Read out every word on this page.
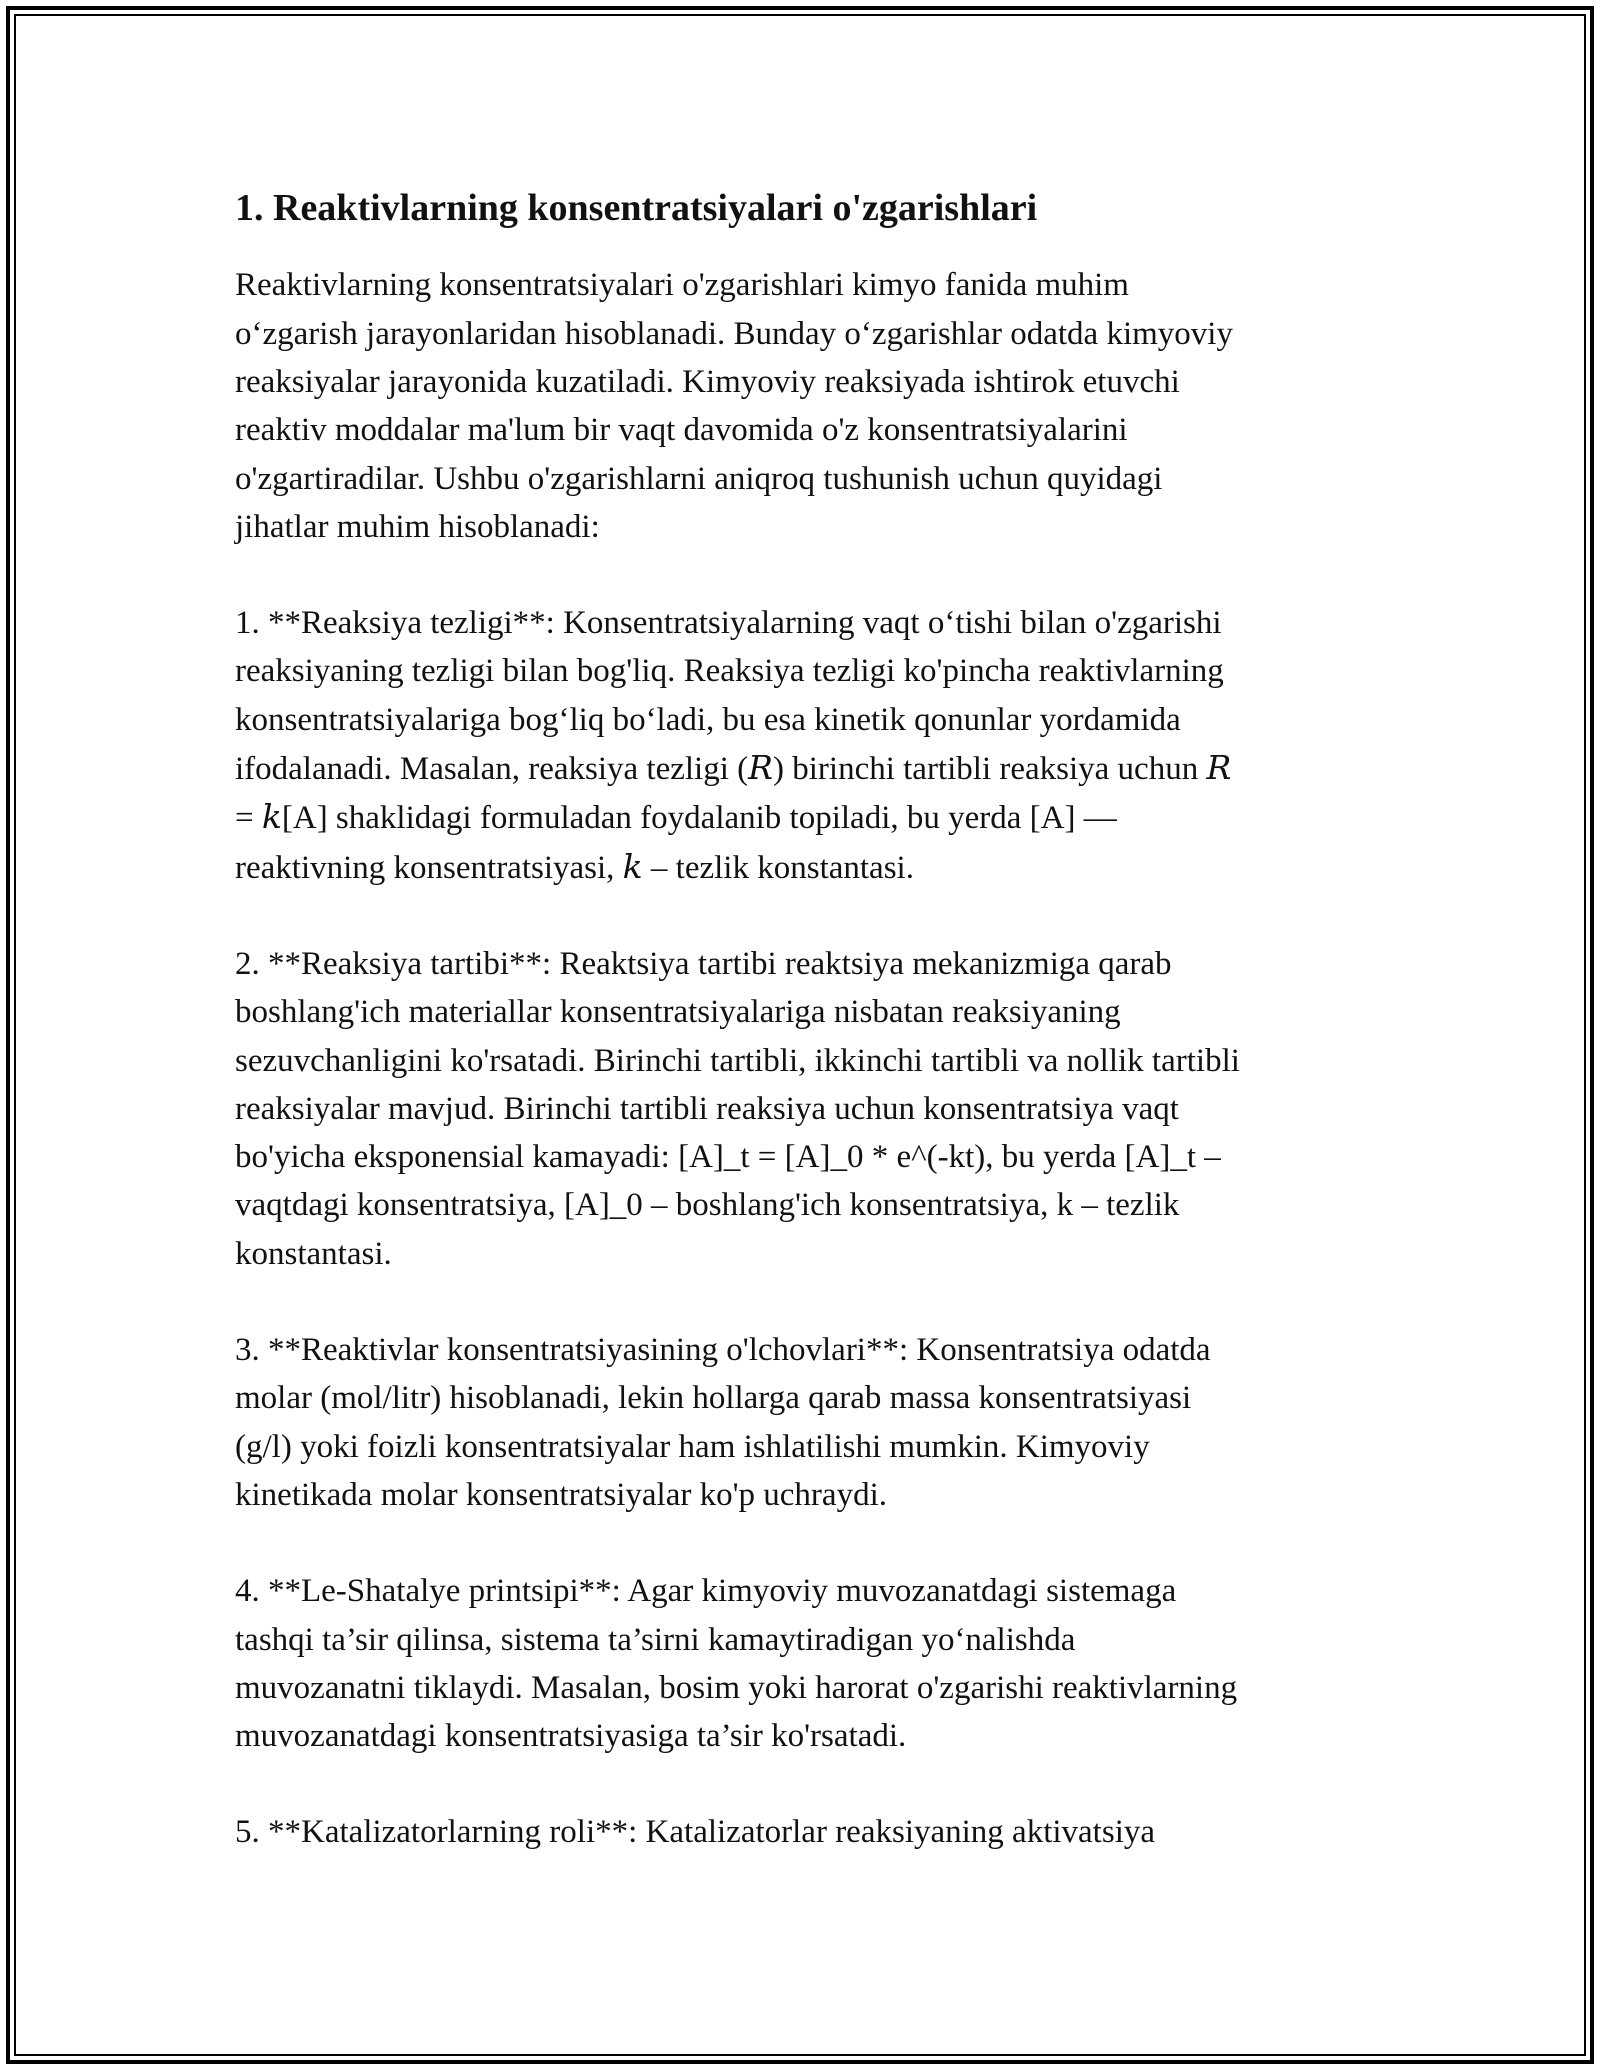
1. Reaktivlarning konsentratsiyalari o'zgarishlari

Reaktivlarning konsentratsiyalari o'zgarishlari kimyo fanida muhim
o‘zgarish jarayonlaridan hisoblanadi. Bunday o‘zgarishlar odatda kimyoviy
reaksiyalar jarayonida kuzatiladi. Kimyoviy reaksiyada ishtirok etuvchi
reaktiv moddalar ma'lum bir vaqt davomida o'z konsentratsiyalarini
o'zgartiradilar. Ushbu o'zgarishlarni aniqroq tushunish uchun quyidagi
jihatlar muhim hisoblanadi:

1. **Reaksiya tezligi**: Konsentratsiyalarning vaqt o‘tishi bilan o'zgarishi
reaksiyaning tezligi bilan bog'liq. Reaksiya tezligi ko'pincha reaktivlarning
konsentratsiyalariga bog‘liq bo‘ladi, bu esa kinetik qonunlar yordamida
ifodalanadi. Masalan, reaksiya tezligi (R) birinchi tartibli reaksiya uchun R
= k[A] shaklidagi formuladan foydalanib topiladi, bu yerda [A] —
reaktivning konsentratsiyasi, k – tezlik konstantasi.

2. **Reaksiya tartibi**: Reaktsiya tartibi reaktsiya mekanizmiga qarab
boshlang'ich materiallar konsentratsiyalariga nisbatan reaksiyaning
sezuvchanligini ko'rsatadi. Birinchi tartibli, ikkinchi tartibli va nollik tartibli
reaksiyalar mavjud. Birinchi tartibli reaksiya uchun konsentratsiya vaqt
bo'yicha eksponensial kamayadi: [A]_t = [A]_0 * e^(-kt), bu yerda [A]_t –
vaqtdagi konsentratsiya, [A]_0 – boshlang'ich konsentratsiya, k – tezlik
konstantasi.

3. **Reaktivlar konsentratsiyasining o'lchovlari**: Konsentratsiya odatda
molar (mol/litr) hisoblanadi, lekin hollarga qarab massa konsentratsiyasi
(g/l) yoki foizli konsentratsiyalar ham ishlatilishi mumkin. Kimyoviy
kinetikada molar konsentratsiyalar ko'p uchraydi.

4. **Le-Shatalye printsipi**: Agar kimyoviy muvozanatdagi sistemaga
tashqi ta’sir qilinsa, sistema ta’sirni kamaytiradigan yo‘nalishda
muvozanatni tiklaydi. Masalan, bosim yoki harorat o'zgarishi reaktivlarning
muvozanatdagi konsentratsiyasiga ta’sir ko'rsatadi.

5. **Katalizatorlarning roli**: Katalizatorlar reaksiyaning aktivatsiya
